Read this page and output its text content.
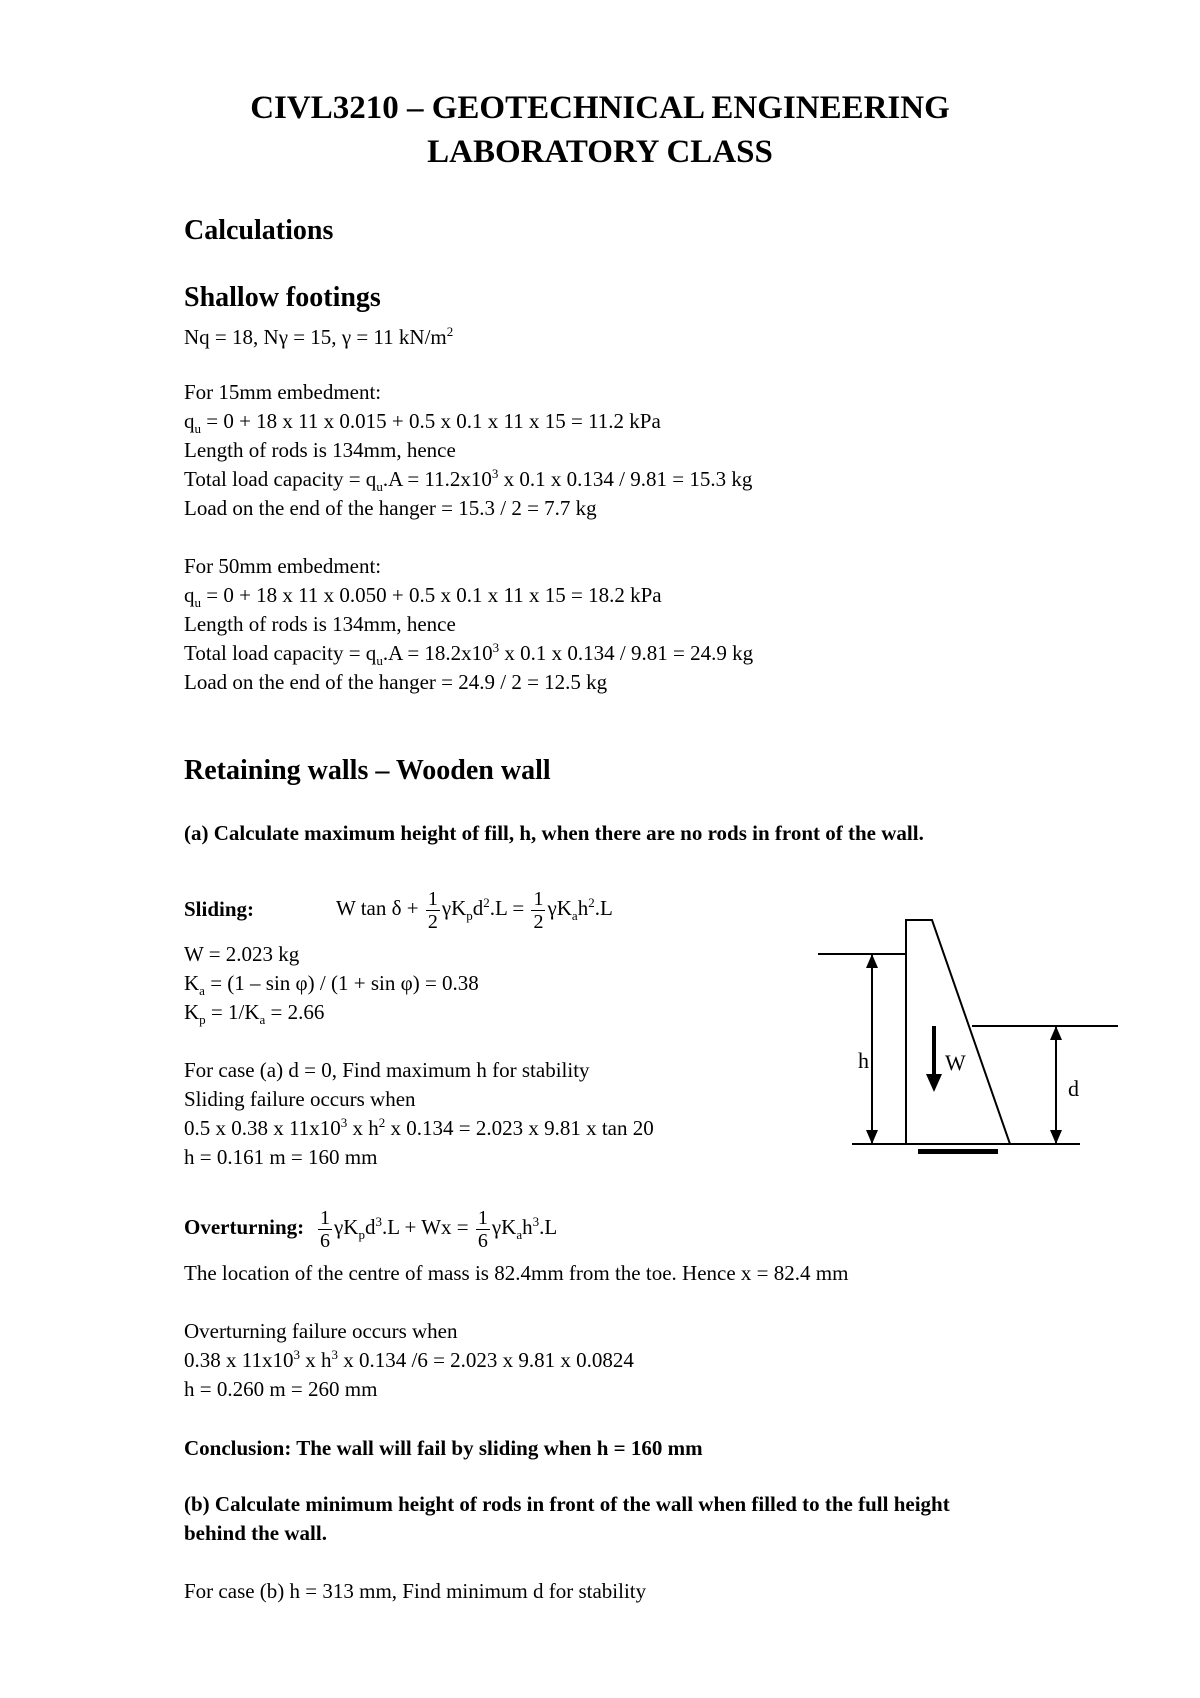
CIVL3210 – GEOTECHNICAL ENGINEERING
LABORATORY CLASS
Calculations
Shallow footings
Nq = 18, Nγ = 15, γ = 11 $kN/m^2$
For 15mm embedment:
$q_u = 0 + 18$ x 11 x 0.015 + 0.5 x 0.1 x 11 x 15 = 11.2 kPa
Length of rods is 134mm, hence
Total load capacity = $q_u.A = 11.2x10^3$ x 0.1 x 0.134 / 9.81 = 15.3 kg
Load on the end of the hanger = 15.3 / 2 = 7.7 kg
For 50mm embedment:
$q_u = 0 + 18$ x 11 x 0.050 + 0.5 x 0.1 x 11 x 15 = 18.2 kPa
Length of rods is 134mm, hence
Total load capacity = $q_u.A = 18.2x10^3$ x 0.1 x 0.134 / 9.81 = 24.9 kg
Load on the end of the hanger = 24.9 / 2 = 12.5 kg
Retaining walls – Wooden wall
(a) Calculate maximum height of fill, h, when there are no rods in front of the wall.
Sliding:	W $\tan \delta + \frac{1}{2} \gamma K_pd^2.L = \frac{1}{2} \gamma K_ah^2.L$
W = 2.023 kg
$K_a = (1 - \sin \varphi) / (1 + \sin \varphi) = 0.38$
$K_p = 1/K_a = 2.66$
For case (a) d = 0, Find maximum h for stability
Sliding failure occurs when
0.5 x 0.38 x $11x10^3$ x $h^2$ x 0.134 = 2.023 x 9.81 x tan 20
h = 0.161 m = 160 mm
Overturning: $\frac{1}{6} \gamma K_pd^3.L + Wx = \frac{1}{6} \gamma K_ah^3.L$
The location of the centre of mass is 82.4mm from the toe. Hence x = 82.4 mm
Overturning failure occurs when
0.38 x $11x10^3$ x $h^3$ x 0.134 /6 = 2.023 x 9.81 x 0.0824
h = 0.260 m = 260 mm
Conclusion: The wall will fail by sliding when h = 160 mm
(b) Calculate minimum height of rods in front of the wall when filled to the full height
behind the wall.
For case (b) h = 313 mm, Find minimum d for stability
h	W
d
